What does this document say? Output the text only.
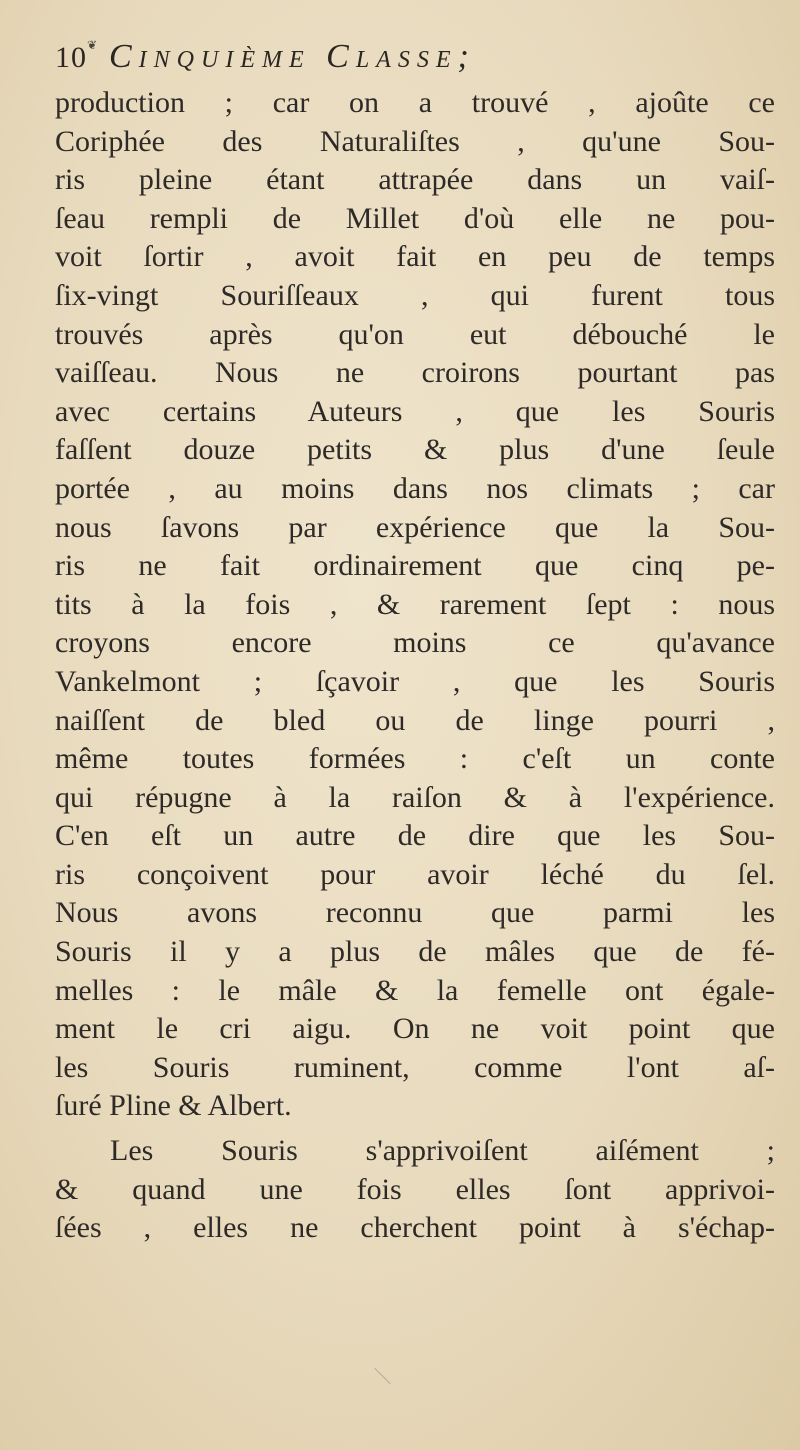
10❦ Cinquième Classe;
production ; car on a trouvé , ajoûte ce
Coriphée des Naturaliſtes , qu'une Sou-
ris pleine étant attrapée dans un vaiſ-
ſeau rempli de Millet d'où elle ne pou-
voit ſortir , avoit fait en peu de temps
ſix-vingt Souriſſeaux , qui furent tous
trouvés après qu'on eut débouché le
vaiſſeau. Nous ne croirons pourtant pas
avec certains Auteurs , que les Souris
faſſent douze petits & plus d'une ſeule
portée , au moins dans nos climats ; car
nous ſavons par expérience que la Sou-
ris ne fait ordinairement que cinq pe-
tits à la fois , & rarement ſept : nous
croyons encore moins ce qu'avance
Vankelmont ; ſçavoir , que les Souris
naiſſent de bled ou de linge pourri ,
même toutes formées : c'eſt un conte
qui répugne à la raiſon & à l'expérience.
C'en eſt un autre de dire que les Sou-
ris conçoivent pour avoir léché du ſel.
Nous avons reconnu que parmi les
Souris il y a plus de mâles que de fé-
melles : le mâle & la femelle ont égale-
ment le cri aigu. On ne voit point que
les Souris ruminent, comme l'ont aſ-
ſuré Pline & Albert.
Les Souris s'apprivoiſent aiſément ;
& quand une fois elles ſont apprivoi-
ſées , elles ne cherchent point à s'échap-
